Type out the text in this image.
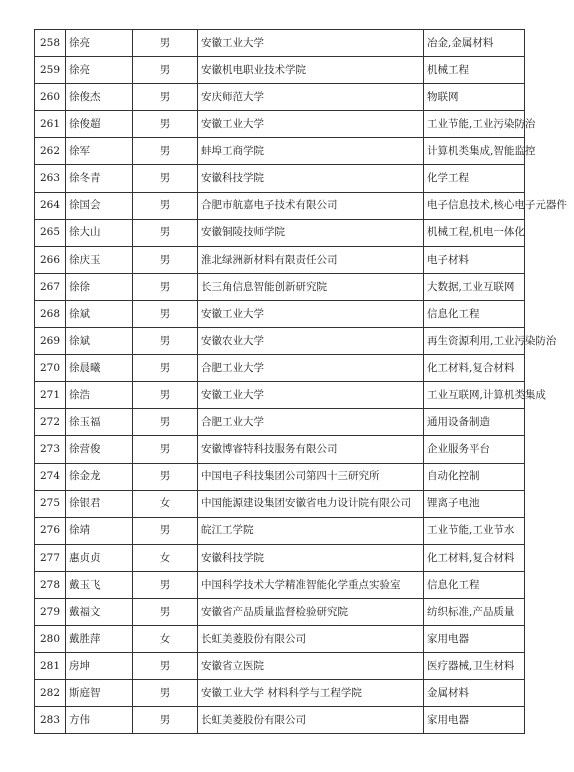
258	徐亮	男	安徽工业大学	冶金,金属材料
259	徐亮	男	安徽机电职业技术学院	机械工程
260	徐俊杰	男	安庆师范大学	物联网
261	徐俊超	男	安徽工业大学	工业节能,工业污染防治
262	徐军	男	蚌埠工商学院	计算机类集成,智能监控
263	徐冬青	男	安徽科技学院	化学工程
264	徐国会	男	合肥市航嘉电子技术有限公司	电子信息技术,核心电子元器件
265	徐大山	男	安徽铜陵技师学院	机械工程,机电一体化
266	徐庆玉	男	淮北绿洲新材料有限责任公司	电子材料
267	徐徐	男	长三角信息智能创新研究院	大数据,工业互联网
268	徐斌	男	安徽工业大学	信息化工程
269	徐斌	男	安徽农业大学	再生资源利用,工业污染防治
270	徐晨曦	男	合肥工业大学	化工材料,复合材料
271	徐浩	男	安徽工业大学	工业互联网,计算机类集成
272	徐玉福	男	合肥工业大学	通用设备制造
273	徐营俊	男	安徽博睿特科技服务有限公司	企业服务平台
274	徐金龙	男	中国电子科技集团公司第四十三研究所	自动化控制
275	徐银君	女	中国能源建设集团安徽省电力设计院有限公司	锂离子电池
276	徐靖	男	皖江工学院	工业节能,工业节水
277	惠贞贞	女	安徽科技学院	化工材料,复合材料
278	戴玉飞	男	中国科学技术大学精准智能化学重点实验室	信息化工程
279	戴福文	男	安徽省产品质量监督检验研究院	纺织标准,产品质量
280	戴胜萍	女	长虹美菱股份有限公司	家用电器
281	房坤	男	安徽省立医院	医疗器械,卫生材料
282	斯庭智	男	安徽工业大学 材料科学与工程学院	金属材料
283	方伟	男	长虹美菱股份有限公司	家用电器
